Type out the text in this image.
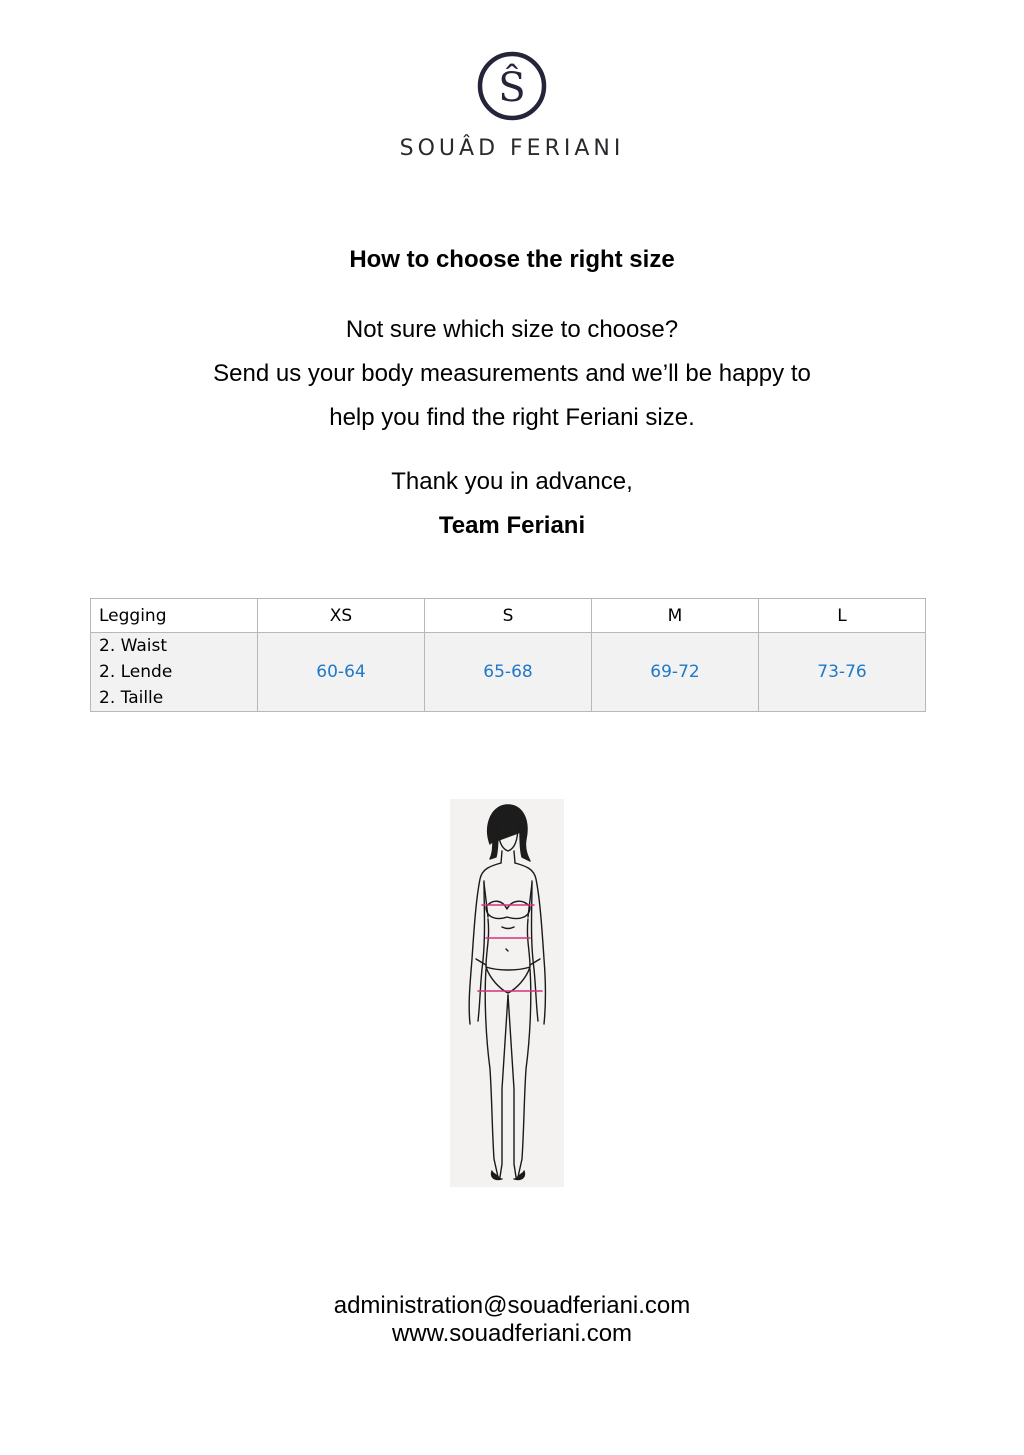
Ŝ
SOUÂD FERIANI
How to choose the right size
Not sure which size to choose?
Send us your body measurements and we’ll be happy to
help you find the right Feriani size.
Thank you in advance,
Team Feriani
Legging	XS	S	M	L

2. Waist
2. Lende
2. Taille	60-64	65-68	69-72	73-76
administration@souadferiani.com
www.souadferiani.com
